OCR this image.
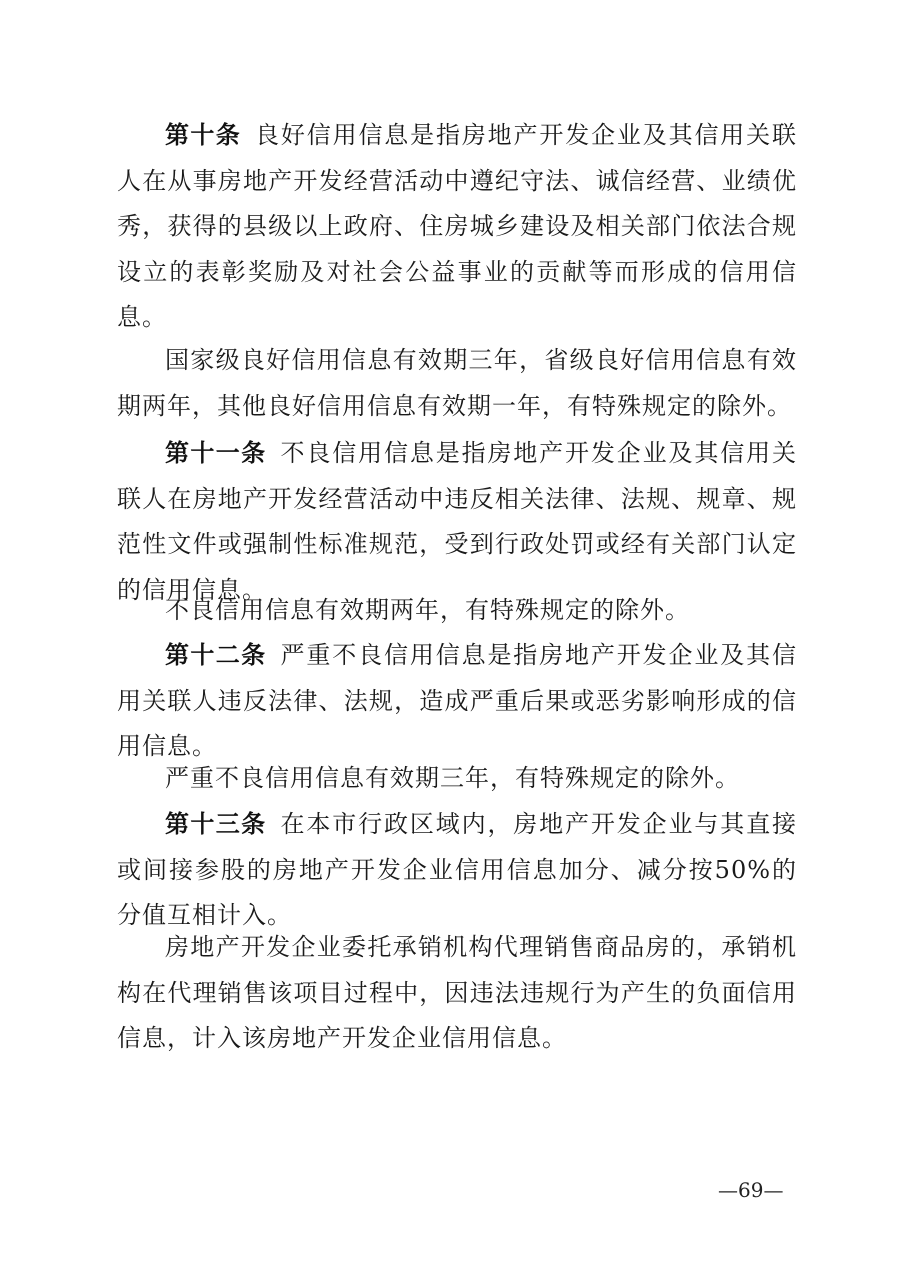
第十条 良好信用信息是指房地产开发企业及其信用关联人在从事房地产开发经营活动中遵纪守法、诚信经营、业绩优秀，获得的县级以上政府、住房城乡建设及相关部门依法合规设立的表彰奖励及对社会公益事业的贡献等而形成的信用信息。

国家级良好信用信息有效期三年，省级良好信用信息有效期两年，其他良好信用信息有效期一年，有特殊规定的除外。

第十一条 不良信用信息是指房地产开发企业及其信用关联人在房地产开发经营活动中违反相关法律、法规、规章、规范性文件或强制性标准规范，受到行政处罚或经有关部门认定的信用信息。

不良信用信息有效期两年，有特殊规定的除外。

第十二条 严重不良信用信息是指房地产开发企业及其信用关联人违反法律、法规，造成严重后果或恶劣影响形成的信用信息。

严重不良信用信息有效期三年，有特殊规定的除外。

第十三条 在本市行政区域内，房地产开发企业与其直接或间接参股的房地产开发企业信用信息加分、减分按50%的分值互相计入。

房地产开发企业委托承销机构代理销售商品房的，承销机构在代理销售该项目过程中，因违法违规行为产生的负面信用信息，计入该房地产开发企业信用信息。

—69—
